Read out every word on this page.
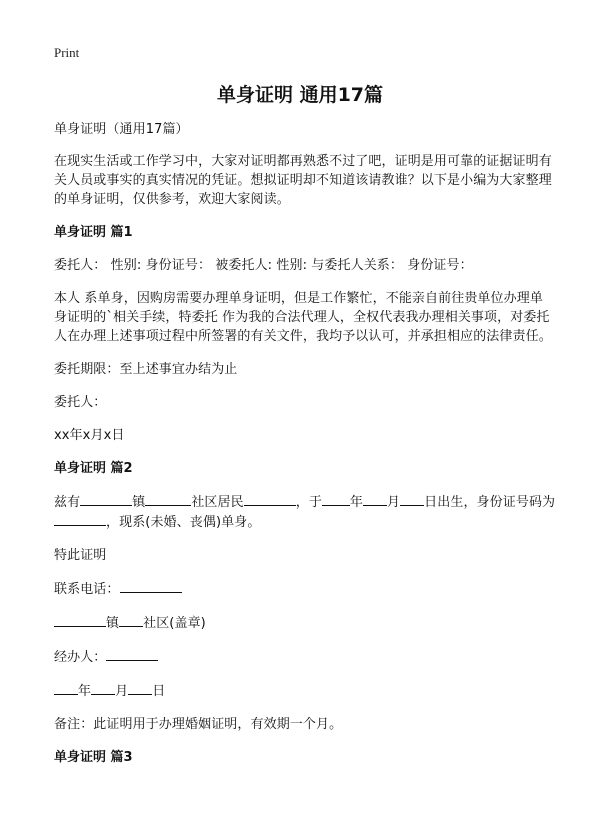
Print
单身证明 通用17篇

单身证明（通用17篇）

在现实生活或工作学习中，大家对证明都再熟悉不过了吧，证明是用可靠的证据证明有关人员或事实的真实情况的凭证。想拟证明却不知道该请教谁？以下是小编为大家整理的单身证明，仅供参考，欢迎大家阅读。

单身证明 篇1

委托人： 性别: 身份证号： 被委托人: 性别: 与委托人关系： 身份证号：

本人 系单身，因购房需要办理单身证明，但是工作繁忙，不能亲自前往贵单位办理单身证明的`相关手续，特委托 作为我的合法代理人，全权代表我办理相关事项，对委托人在办理上述事项过程中所签署的有关文件，我均予以认可，并承担相应的法律责任。

委托期限：至上述事宜办结为止

委托人：

xx年x月x日

单身证明 篇2

兹有	镇	社区居民	，于 年 月 日出生，身份证号码为，现系(未婚、丧偶)单身。

特此证明

联系电话：

镇 社区(盖章)

经办人：

年 月 日

备注：此证明用于办理婚姻证明，有效期一个月。

单身证明 篇3
